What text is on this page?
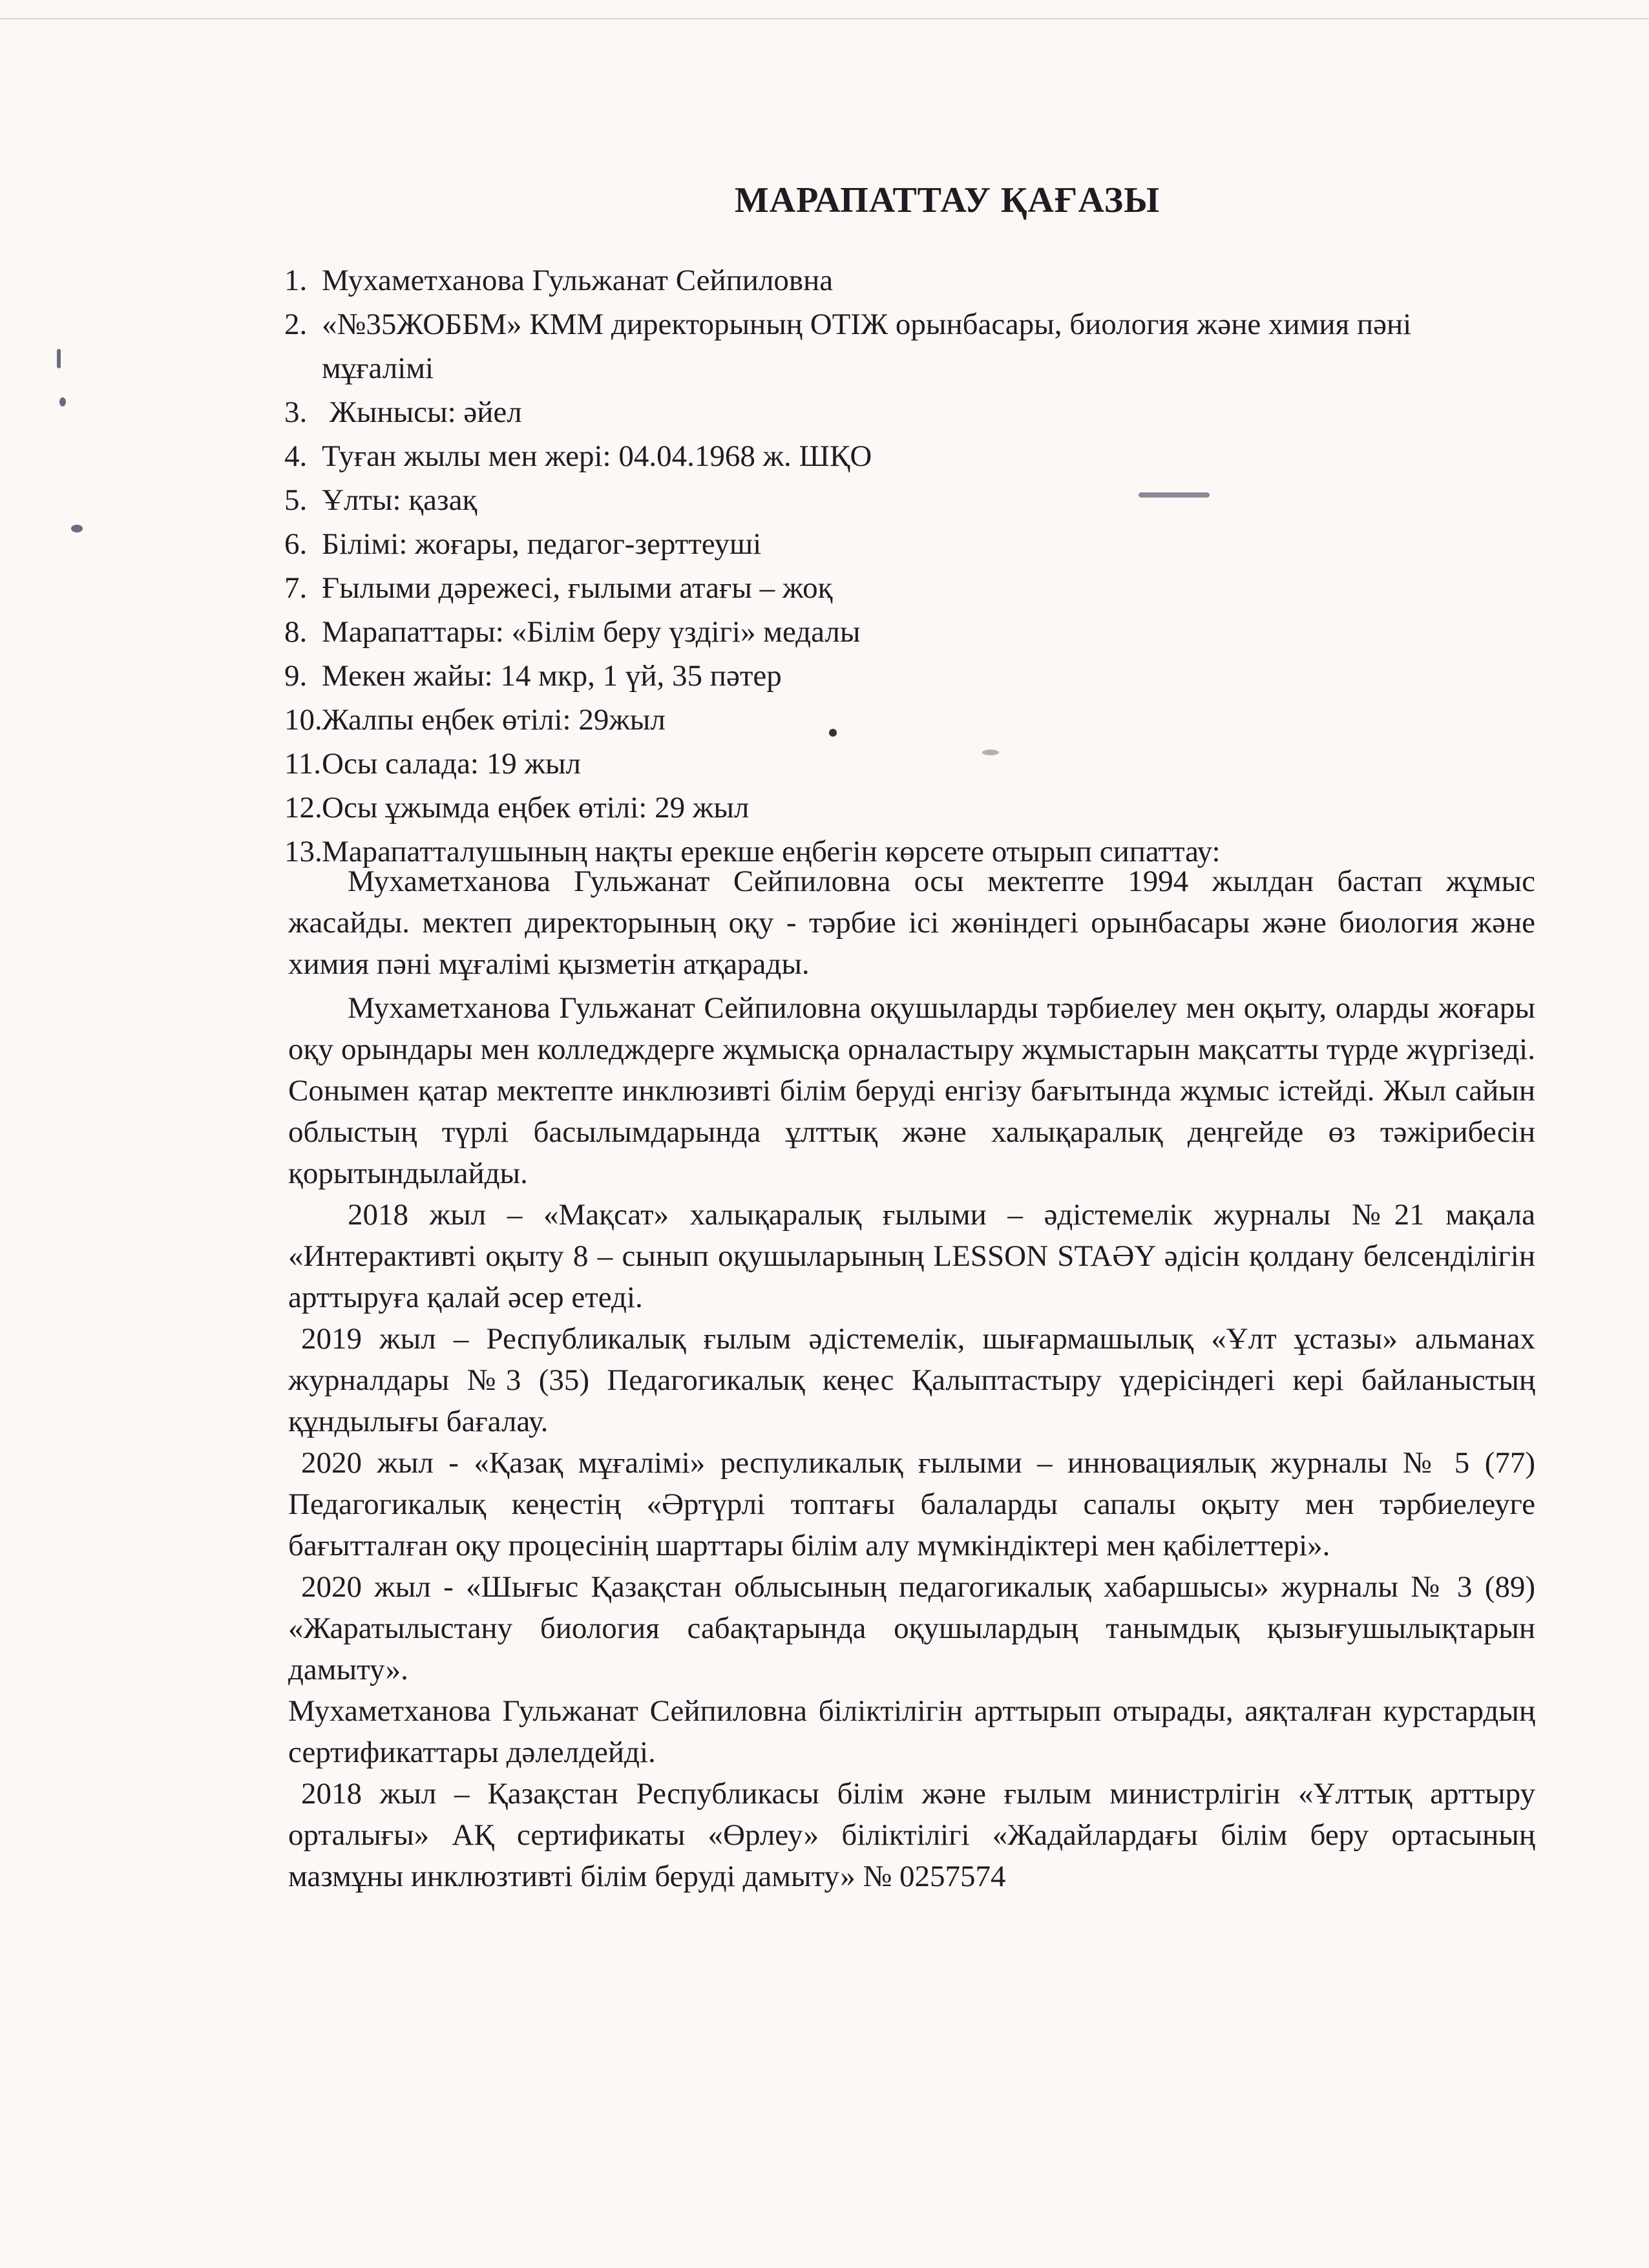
МАРАПАТТАУ ҚАҒАЗЫ
1. Мухаметханова Гульжанат Сейпиловна
2. «№35ЖОББМ» КММ директорының ОТІЖ орынбасары, биология және химия пәні мұғалімі
3. Жынысы: әйел
4. Туған жылы мен жері: 04.04.1968 ж. ШҚО
5. Ұлты: қазақ
6. Білімі: жоғары, педагог-зерттеуші
7. Ғылыми дәрежесі, ғылыми атағы – жоқ
8. Марапаттары: «Білім беру үздігі» медалы
9. Мекен жайы: 14 мкр, 1 үй, 35 пәтер
10.Жалпы еңбек өтілі: 29жыл
11.Осы салада: 19 жыл
12.Осы ұжымда еңбек өтілі: 29 жыл
13.Марапатталушының нақты ерекше еңбегін көрсете отырып сипаттау:

Мухаметханова Гульжанат Сейпиловна осы мектепте 1994 жылдан бастап жұмыс жасайды. мектеп директорының оқу - тәрбие ісі жөніндегі орынбасары және биология және химия пәні мұғалімі қызметін атқарады.

Мухаметханова Гульжанат Сейпиловна оқушыларды тәрбиелеу мен оқыту, оларды жоғары оқу орындары мен колледждерге жұмысқа орналастыру жұмыстарын мақсатты түрде жүргізеді. Сонымен қатар мектепте инклюзивті білім беруді енгізу бағытында жұмыс істейді. Жыл сайын облыстың түрлі басылымдарында ұлттық және халықаралық деңгейде өз тәжірибесін қорытындылайды.

2018 жыл – «Мақсат» халықаралық ғылыми – әдістемелік журналы №21 мақала «Интерактивті оқыту 8 – сынып оқушыларының LESSON STAӘY әдісін қолдану белсенділігін арттыруға қалай әсер етеді.

2019 жыл – Республикалық ғылым әдістемелік, шығармашылық «Ұлт ұстазы» альманах журналдары №3 (35) Педагогикалық кеңес Қалыптастыру үдерісіндегі кері байланыстың құндылығы бағалау.

2020 жыл - «Қазақ мұғалімі» респуликалық ғылыми – инновациялық журналы № 5 (77) Педагогикалық кеңестің «Әртүрлі топтағы балаларды сапалы оқыту мен тәрбиелеуге бағытталған оқу процесінің шарттары білім алу мүмкіндіктері мен қабілеттері».

2020 жыл - «Шығыс Қазақстан облысының педагогикалық хабаршысы» журналы № 3 (89) «Жаратылыстану биология сабақтарында оқушылардың танымдық қызығушылықтарын дамыту».

Мухаметханова Гульжанат Сейпиловна біліктілігін арттырып отырады, аяқталған курстардың сертификаттары дәлелдейді.

2018 жыл – Қазақстан Республикасы білім және ғылым министрлігін «Ұлттық арттыру орталығы» АҚ сертификаты «Өрлеу» біліктілігі «Жадайлардағы білім беру ортасының мазмұны инклюзтивті білім беруді дамыту» № 0257574
